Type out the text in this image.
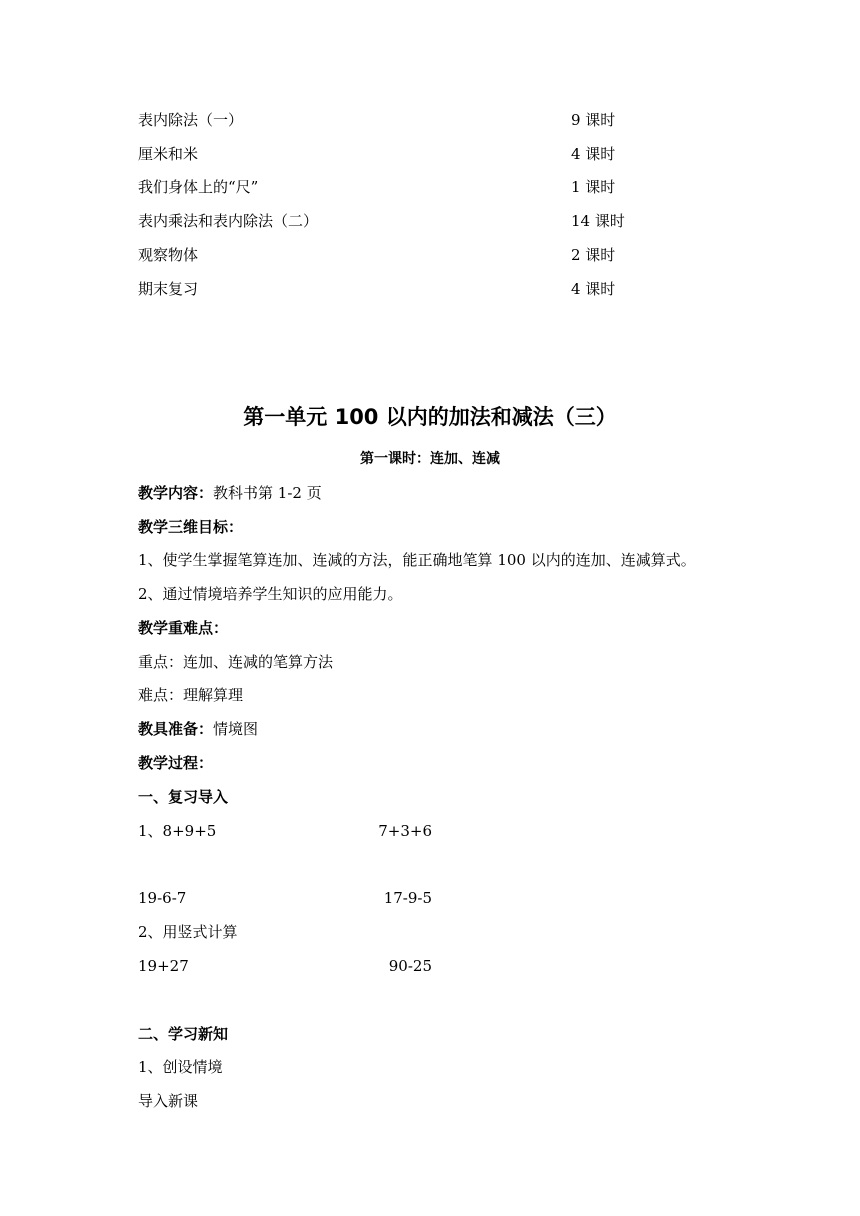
表内除法（一）	9 课时
厘米和米	4 课时
我们身体上的“尺”	1 课时
表内乘法和表内除法（二）	14 课时
观察物体	2 课时
期末复习	4 课时
第一单元 100 以内的加法和减法（三）
第一课时：连加、连减
教学内容：教科书第 1-2 页
教学三维目标：
1、使学生掌握笔算连加、连减的方法，能正确地笔算 100 以内的连加、连减算式。
2、通过情境培养学生知识的应用能力。
教学重难点：
重点：连加、连减的笔算方法
难点：理解算理
教具准备：情境图
教学过程：
一、复习导入
1、8+9+5	7+3+6
19-6-7	17-9-5
2、用竖式计算
19+27	90-25
二、学习新知
1、创设情境
导入新课
